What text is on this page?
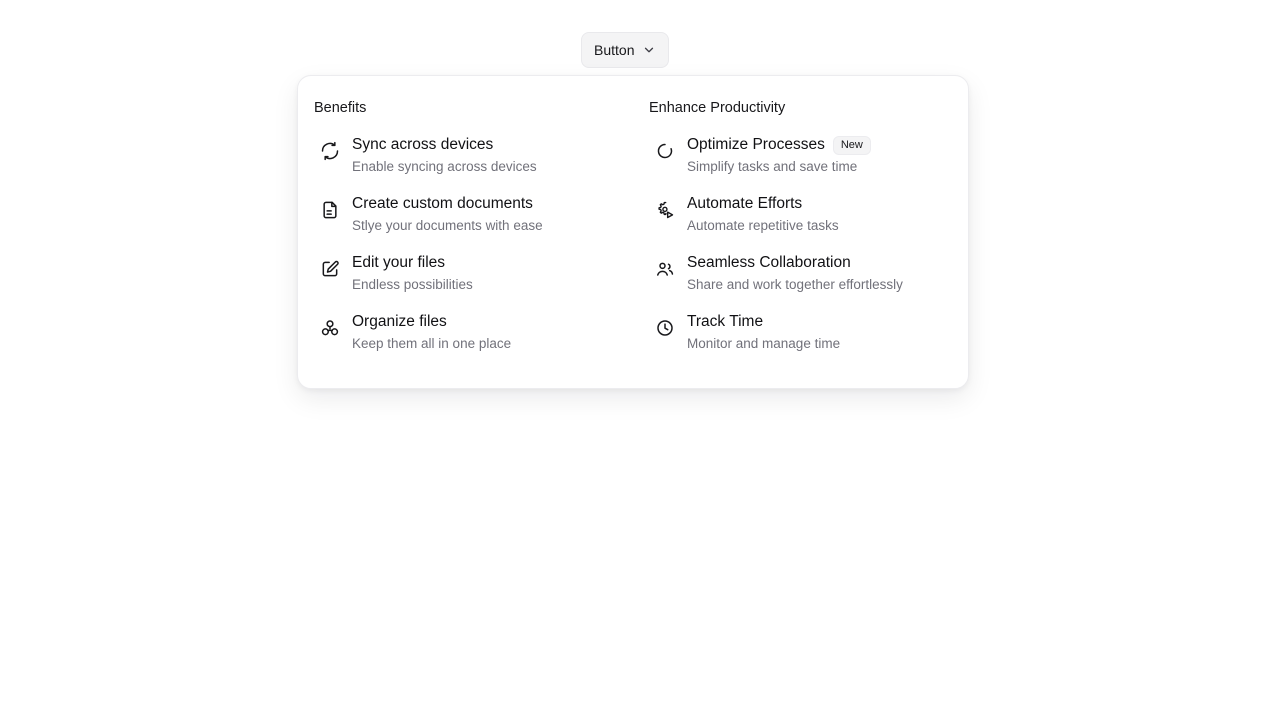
Button
Benefits
Sync across devices
Enable syncing across devices
Create custom documents
Stlye your documents with ease
Edit your files
Endless possibilities
Organize files
Keep them all in one place
Enhance Productivity
Optimize Processes	New
Simplify tasks and save time
Automate Efforts
Automate repetitive tasks
Seamless Collaboration
Share and work together effortlessly
Track Time
Monitor and manage time
